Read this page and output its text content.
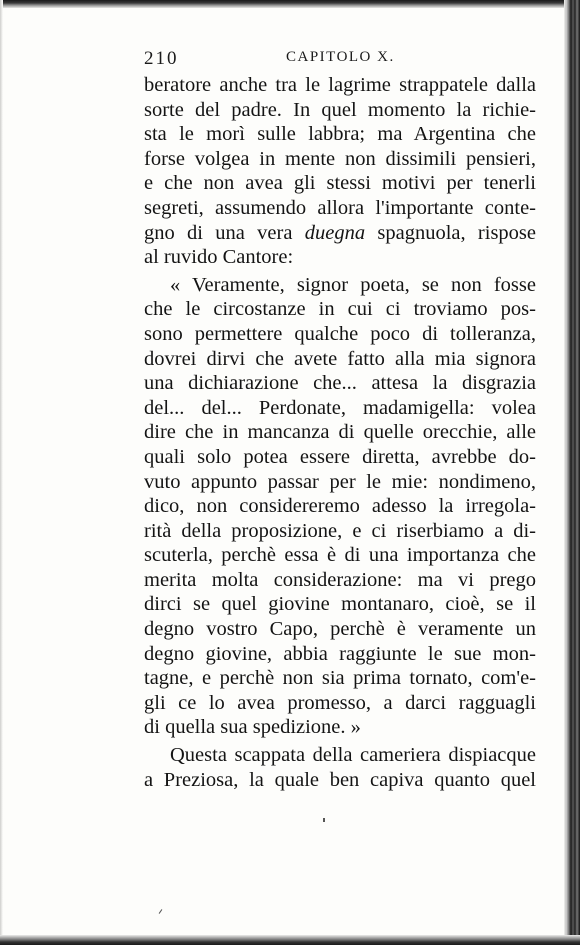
210	CAPITOLO X.
beratore anche tra le lagrime strappatele dalla
sorte del padre. In quel momento la richie-
sta le morì sulle labbra; ma Argentina che
forse volgea in mente non dissimili pensieri,
e che non avea gli stessi motivi per tenerli
segreti, assumendo allora l'importante conte-
gno di una vera duegna spagnuola, rispose
al ruvido Cantore:
« Veramente, signor poeta, se non fosse
che le circostanze in cui ci troviamo pos-
sono permettere qualche poco di tolleranza,
dovrei dirvi che avete fatto alla mia signora
una dichiarazione che... attesa la disgrazia
del... del... Perdonate, madamigella: volea
dire che in mancanza di quelle orecchie, alle
quali solo potea essere diretta, avrebbe do-
vuto appunto passar per le mie: nondimeno,
dico, non considereremo adesso la irregola-
rità della proposizione, e ci riserbiamo a di-
scuterla, perchè essa è di una importanza che
merita molta considerazione: ma vi prego
dirci se quel giovine montanaro, cioè, se il
degno vostro Capo, perchè è veramente un
degno giovine, abbia raggiunte le sue mon-
tagne, e perchè non sia prima tornato, com'e-
gli ce lo avea promesso, a darci ragguagli
di quella sua spedizione. »
Questa scappata della cameriera dispiacque
a Preziosa, la quale ben capiva quanto quel
